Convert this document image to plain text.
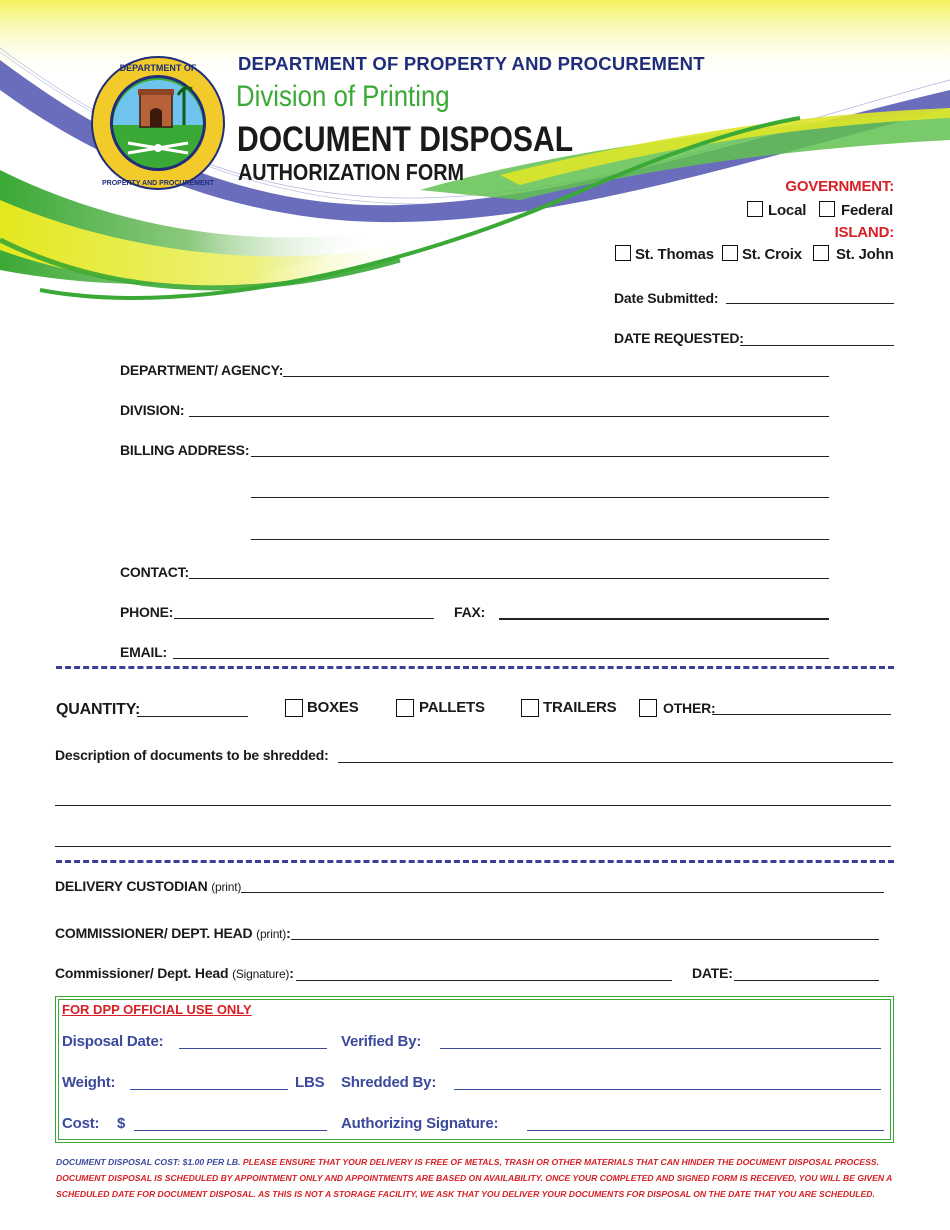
DEPARTMENT OF
PROPERTY AND PROCUREMENT
DEPARTMENT OF PROPERTY AND PROCUREMENT
Division of Printing
DOCUMENT DISPOSAL
AUTHORIZATION FORM
GOVERNMENT:
Local Federal
ISLAND:
St. Thomas St. Croix St. John
Date Submitted:
DATE REQUESTED:
DEPARTMENT/ AGENCY:
DIVISION:
BILLING ADDRESS:
CONTACT:
PHONE:	FAX:
EMAIL:
QUANTITY:	BOXES	PALLETS	TRAILERS	OTHER:
Description of documents to be shredded:
DELIVERY CUSTODIAN (print)
COMMISSIONER/ DEPT. HEAD (print):
Commissioner/ Dept. Head (Signature):	DATE:
FOR DPP OFFICIAL USE ONLY
Disposal Date:	Verified By:
Weight:	LBS Shredded By:
Cost: $	Authorizing Signature:
DOCUMENT DISPOSAL COST: $1.00 PER LB. PLEASE ENSURE THAT YOUR DELIVERY IS FREE OF METALS, TRASH OR OTHER MATERIALS THAT CAN HINDER THE DOCUMENT DISPOSAL PROCESS.
DOCUMENT DISPOSAL IS SCHEDULED BY APPOINTMENT ONLY AND APPOINTMENTS ARE BASED ON AVAILABILITY. ONCE YOUR COMPLETED AND SIGNED FORM IS RECEIVED, YOU WILL BE GIVEN A
SCHEDULED DATE FOR DOCUMENT DISPOSAL. AS THIS IS NOT A STORAGE FACILITY, WE ASK THAT YOU DELIVER YOUR DOCUMENTS FOR DISPOSAL ON THE DATE THAT YOU ARE SCHEDULED.
